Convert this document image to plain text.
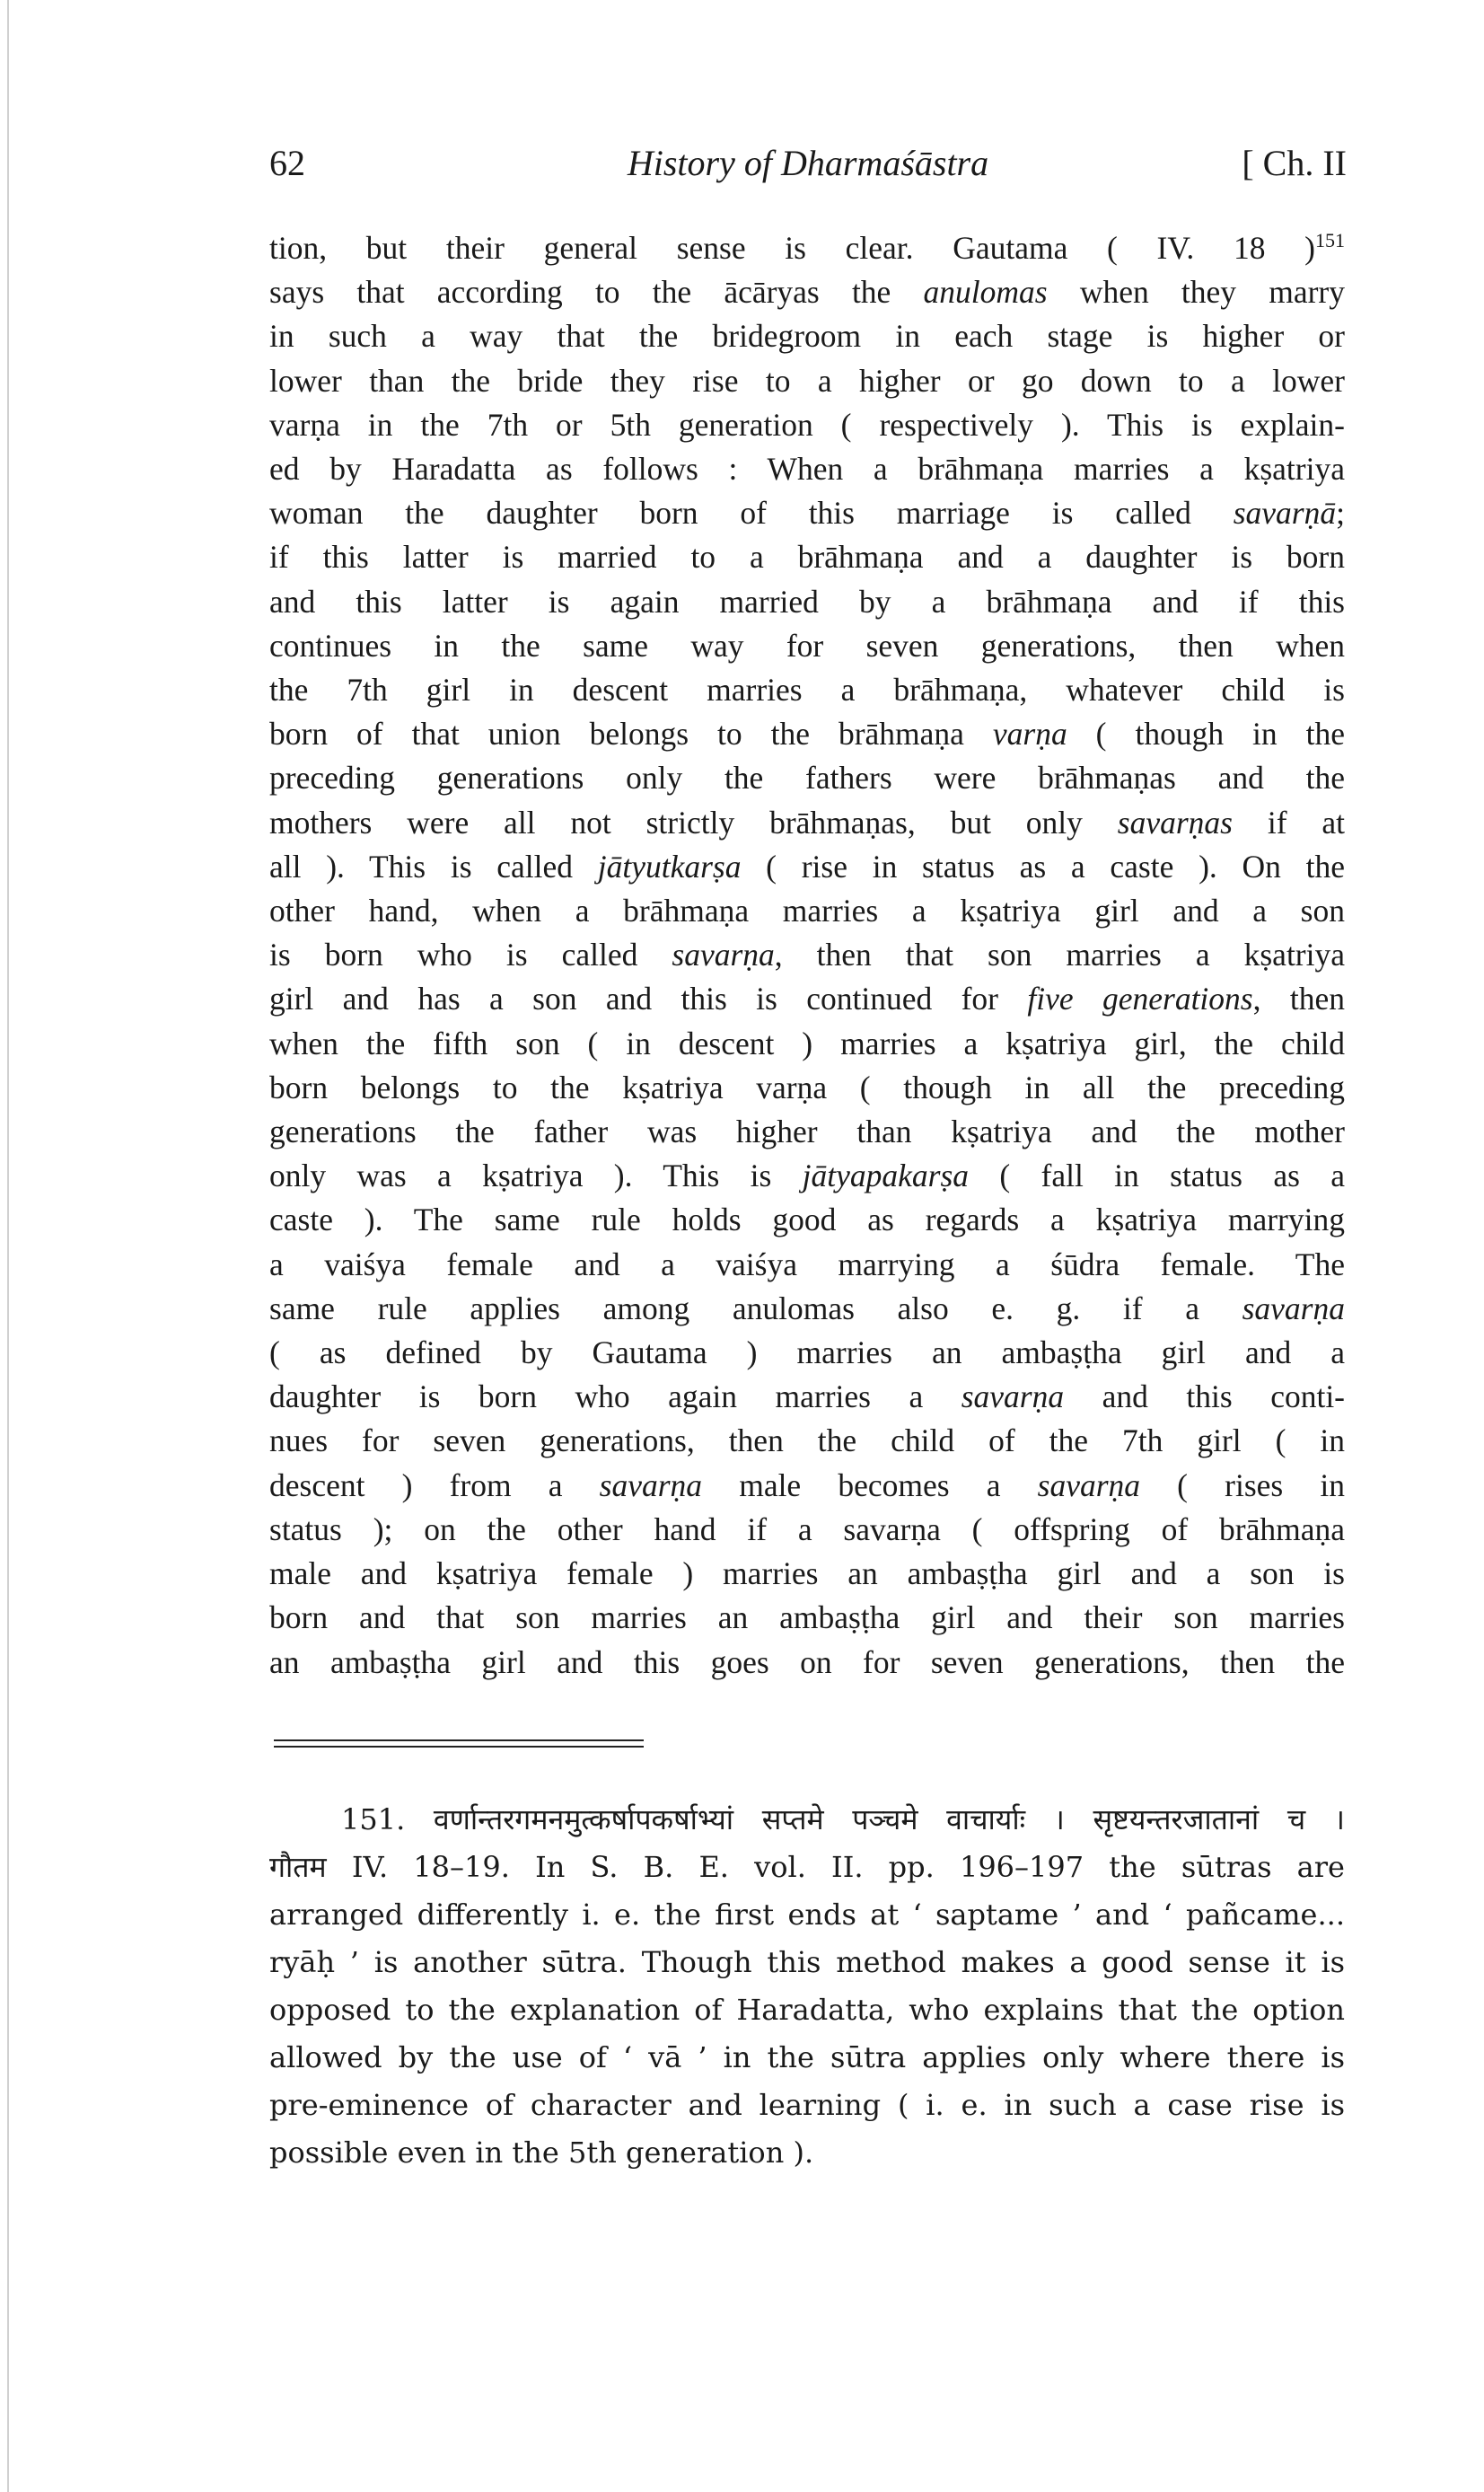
62	History of Dharmaśāstra	[ Ch. II
tion, but their general sense is clear. Gautama ( IV. 18 )$^{151}$
says that according to the ācāryas the anulomas when they marry
in such a way that the bridegroom in each stage is higher or
lower than the bride they rise to a higher or go down to a lower
varṇa in the 7th or 5th generation ( respectively ). This is explain-
ed by Haradatta as follows : When a brāhmaṇa marries a kṣatriya
woman the daughter born of this marriage is called savarṇā;
if this latter is married to a brāhmaṇa and a daughter is born
and this latter is again married by a brāhmaṇa and if this
continues in the same way for seven generations, then when
the 7th girl in descent marries a brāhmaṇa, whatever child is
born of that union belongs to the brāhmaṇa varṇa ( though in the
preceding generations only the fathers were brāhmaṇas and the
mothers were all not strictly brāhmaṇas, but only savarṇas if at
all ). This is called jātyutkarṣa ( rise in status as a caste ). On the
other hand, when a brāhmaṇa marries a kṣatriya girl and a son
is born who is called savarṇa, then that son marries a kṣatriya
girl and has a son and this is continued for five generations, then
when the fifth son ( in descent ) marries a kṣatriya girl, the child
born belongs to the kṣatriya varṇa ( though in all the preceding
generations the father was higher than kṣatriya and the mother
only was a kṣatriya ). This is jātyapakarṣa ( fall in status as a
caste ). The same rule holds good as regards a kṣatriya marrying
a vaiśya female and a vaiśya marrying a śūdra female. The
same rule applies among anulomas also e. g. if a savarṇa
( as defined by Gautama ) marries an ambaṣṭha girl and a
daughter is born who again marries a savarṇa and this conti-
nues for seven generations, then the child of the 7th girl ( in
descent ) from a savarṇa male becomes a savarṇa ( rises in
status ); on the other hand if a savarṇa ( offspring of brāhmaṇa
male and kṣatriya female ) marries an ambaṣṭha girl and a son is
born and that son marries an ambaṣṭha girl and their son marries
an ambaṣṭha girl and this goes on for seven generations, then the
151. वर्णान्तरगमनमुत्कर्षापकर्षाभ्यां सप्तमे पञ्चमे वाचार्याः । सृष्टयन्तरजातानां च ।
गौतम IV. 18–19. In S. B. E. vol. II. pp. 196–197 the sūtras are
arranged differently i. e. the first ends at ‘ saptame ’ and ‘ pañcame...
ryāḥ ’ is another sūtra. Though this method makes a good sense it is
opposed to the explanation of Haradatta, who explains that the option
allowed by the use of ‘ vā ’ in the sūtra applies only where there is
pre-eminence of character and learning ( i. e. in such a case rise is
possible even in the 5th generation ).
